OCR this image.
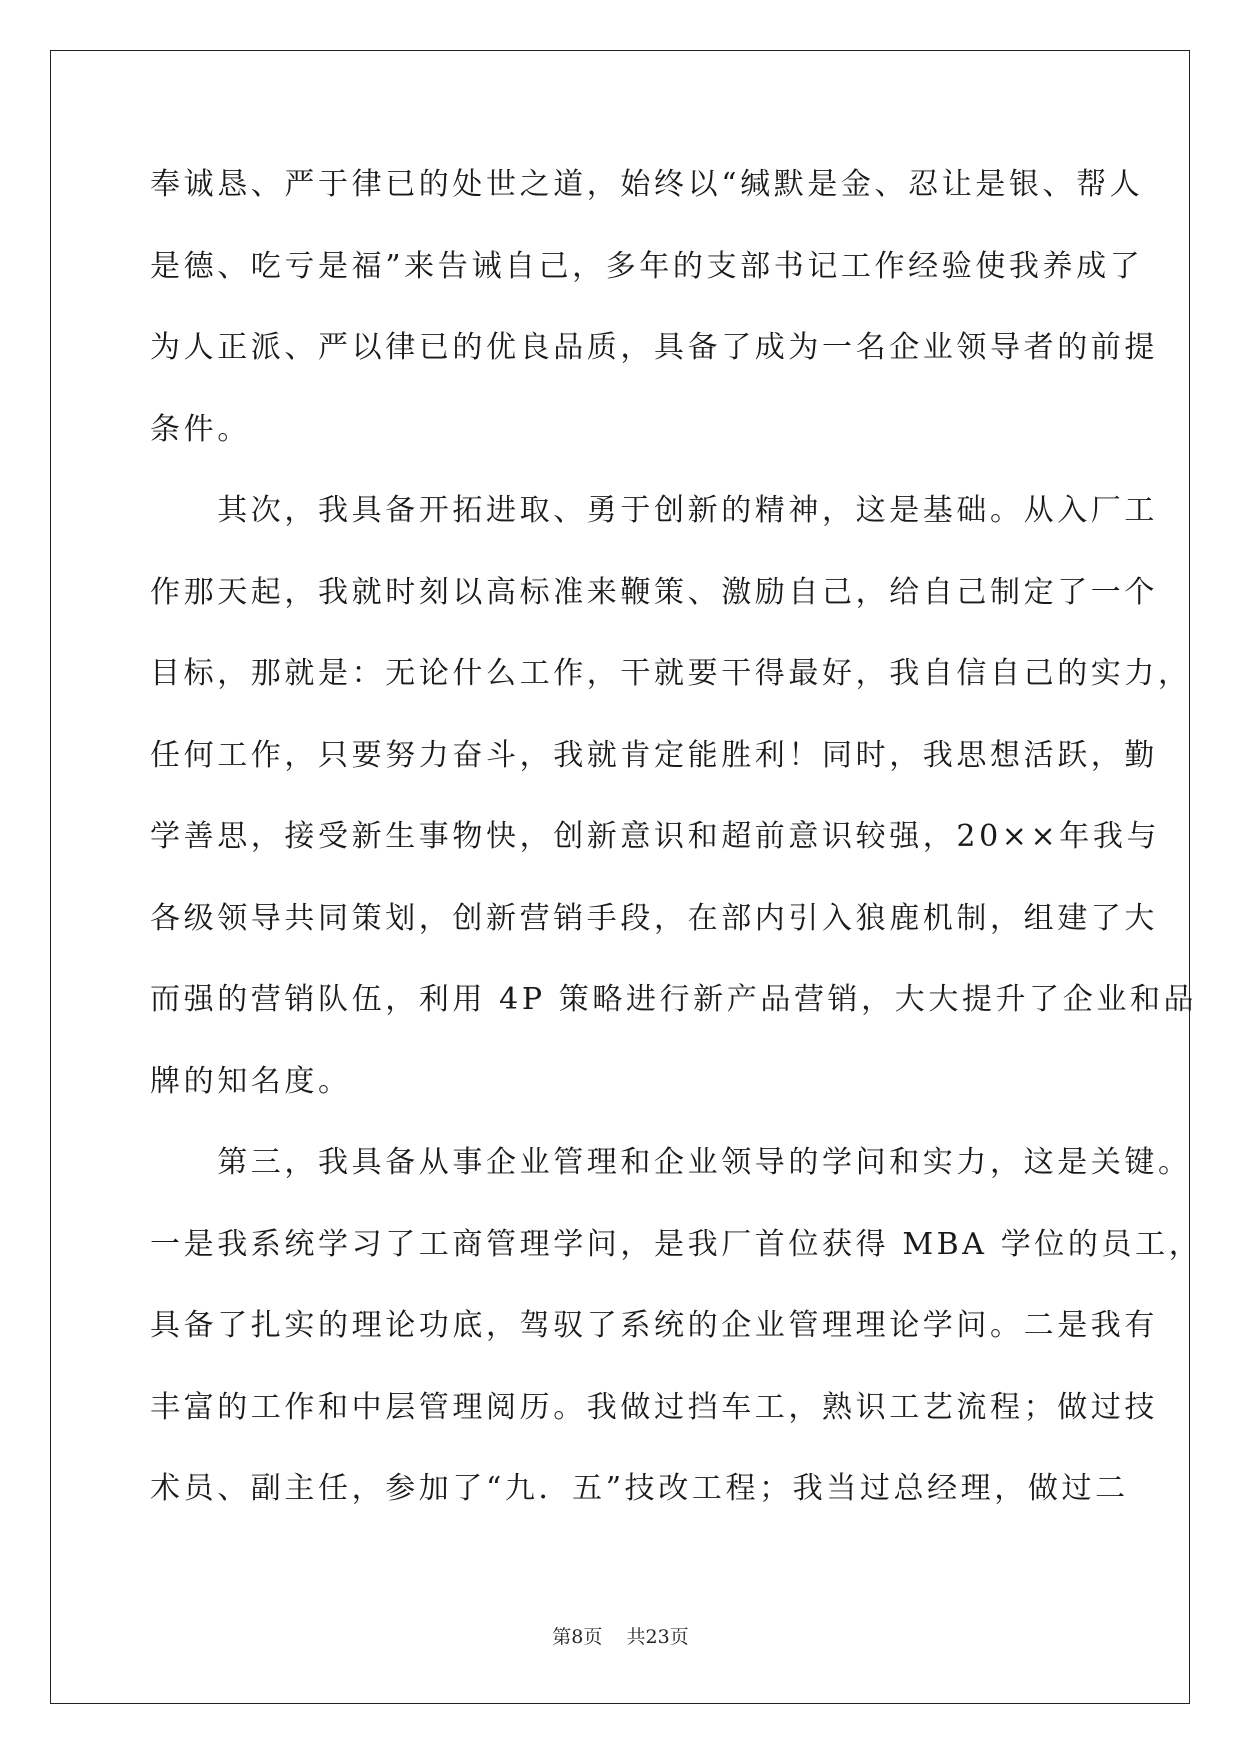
奉诚恳、严于律已的处世之道，始终以“缄默是金、忍让是银、帮人
是德、吃亏是福”来告诫自己，多年的支部书记工作经验使我养成了
为人正派、严以律已的优良品质，具备了成为一名企业领导者的前提
条件。
　　其次，我具备开拓进取、勇于创新的精神，这是基础。从入厂工
作那天起，我就时刻以高标准来鞭策、激励自己，给自己制定了一个
目标，那就是：无论什么工作，干就要干得最好，我自信自己的实力，
任何工作，只要努力奋斗，我就肯定能胜利！同时，我思想活跃，勤
学善思，接受新生事物快，创新意识和超前意识较强，20××年我与
各级领导共同策划，创新营销手段，在部内引入狼鹿机制，组建了大
而强的营销队伍，利用 4P 策略进行新产品营销，大大提升了企业和品
牌的知名度。
　　第三，我具备从事企业管理和企业领导的学问和实力，这是关键。
一是我系统学习了工商管理学问，是我厂首位获得 MBA 学位的员工，
具备了扎实的理论功底，驾驭了系统的企业管理理论学问。二是我有
丰富的工作和中层管理阅历。我做过挡车工，熟识工艺流程；做过技
术员、副主任，参加了“九．五”技改工程；我当过总经理，做过二
第8页 共23页
